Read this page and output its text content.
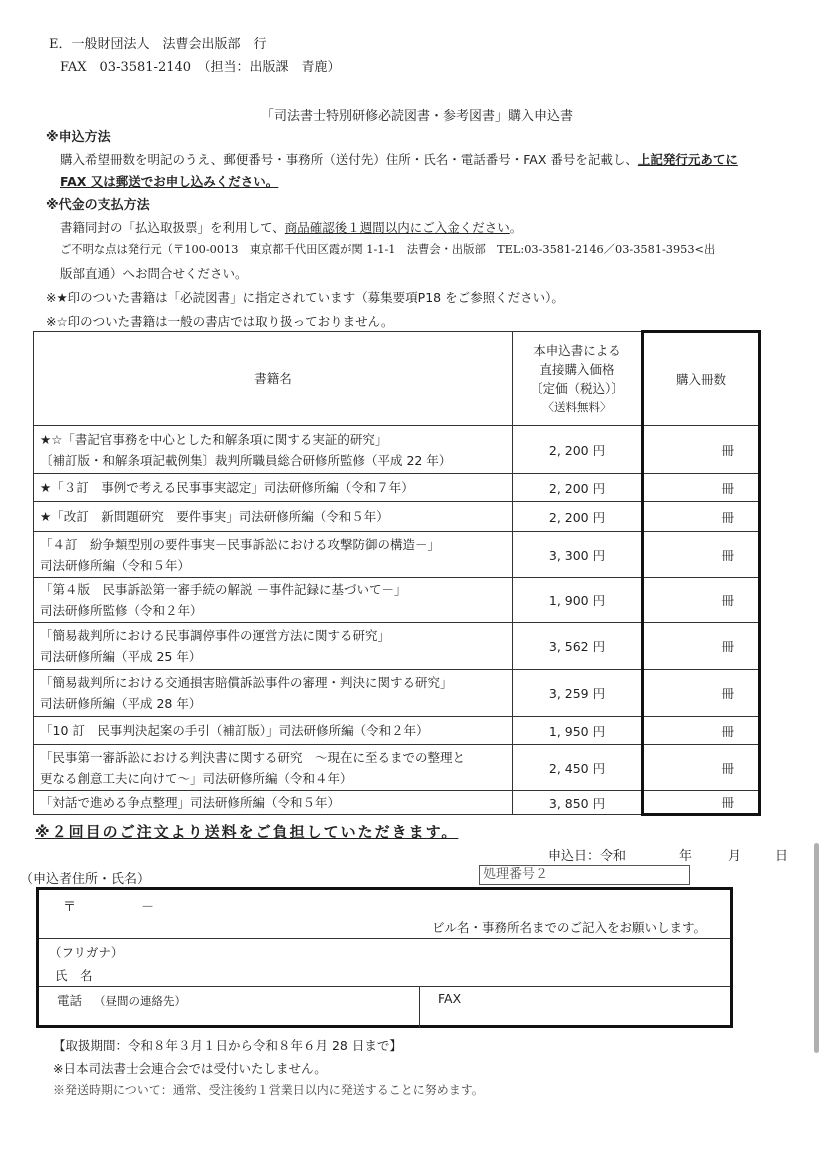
E．一般財団法人　法曹会出版部　行
FAX　03-3581-2140　（担当：出版課　青鹿）
「司法書士特別研修必読図書・参考図書」購入申込書
※申込方法
購入希望冊数を明記のうえ、郵便番号・事務所（送付先）住所・氏名・電話番号・FAX 番号を記載し、上記発行元あてに
FAX 又は郵送でお申し込みください。
※代金の支払方法
書籍同封の「払込取扱票」を利用して、商品確認後１週間以内にご入金ください。
ご不明な点は発行元（〒100-0013　東京都千代田区霞が関 1-1-1　法曹会・出版部　TEL:03-3581-2146／03-3581-3953<出
版部直通）へお問合せください。
※★印のついた書籍は「必読図書」に指定されています（募集要項P18 をご参照ください）。
※☆印のついた書籍は一般の書店では取り扱っておりません。
書籍名	本申込書による
直接購入価格
〔定価（税込）〕
〈送料無料〉	購入冊数

★☆「書記官事務を中心とした和解条項に関する実証的研究」
〔補訂版・和解条項記載例集〕裁判所職員総合研修所監修（平成 22 年）	2, 200 円	冊

★「３訂　事例で考える民事事実認定」司法研修所編（令和７年）	2, 200 円	冊

★「改訂　新問題研究　要件事実」司法研修所編（令和５年）	2, 200 円	冊

「４訂　紛争類型別の要件事実－民事訴訟における攻撃防御の構造－」
司法研修所編（令和５年）	3, 300 円	冊

「第４版　民事訴訟第一審手続の解説 －事件記録に基づいて－」
司法研修所監修（令和２年）	1, 900 円	冊

「簡易裁判所における民事調停事件の運営方法に関する研究」
司法研修所編（平成 25 年）	3, 562 円	冊

「簡易裁判所における交通損害賠償訴訟事件の審理・判決に関する研究」
司法研修所編（平成 28 年）	3, 259 円	冊

「10 訂　民事判決起案の手引（補訂版）」司法研修所編（令和２年）	1, 950 円	冊

「民事第一審訴訟における判決書に関する研究　～現在に至るまでの整理と
更なる創意工夫に向けて～」司法研修所編（令和４年）	2, 450 円	冊

「対話で進める争点整理」司法研修所編（令和５年）	3, 850 円	冊
※２回目のご注文より送料をご負担していただきます。
申込日：令和	年	月	日
（申込者住所・氏名）	処理番号２
〒	－
ビル名・事務所名までのご記入をお願いします。
（フリガナ）
氏　名
電話 （昼間の連絡先）	FAX
【取扱期間：令和８年３月１日から令和８年６月 28 日まで】
※日本司法書士会連合会では受付いたしません。
※発送時期について：通常、受注後約１営業日以内に発送することに努めます。
